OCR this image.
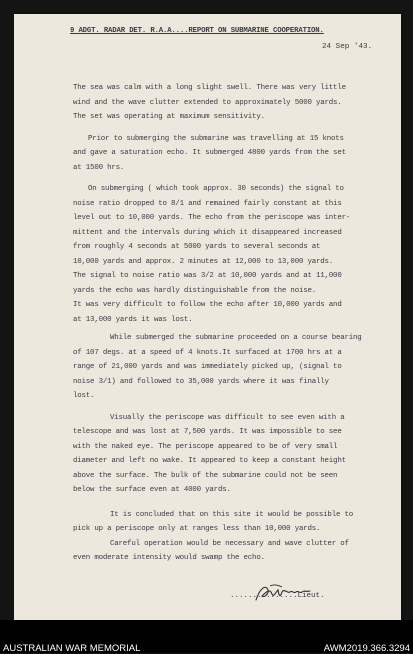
9 ADGT. RADAR DET. R.A.A....REPORT ON SUBMARINE COOPERATION.
24 Sep '43.
The sea was calm with a long slight swell. There was very little
wind and the wave clutter extended to approximately 5000 yards.
The set was operating at maximum sensitivity.
Prior to submerging the submarine was travelling at 15 knots
and gave a saturation echo. It submerged 4800 yards from the set
at 1500 hrs.
On submerging ( which took approx. 30 seconds) the signal to
noise ratio dropped to 8/1 and remained fairly constant at this
level out to 10,000 yards. The echo from the periscope was inter-
mittent and the intervals during which it disappeared increased
from roughly 4 seconds at 5000 yards to several seconds at
10,000 yards and approx. 2 minutes at 12,000 to 13,000 yards.
The signal to noise ratio was 3/2 at 10,000 yards and at 11,000
yards the echo was hardly distinguishable from the noise.
It was very difficult to follow the echo after 10,000 yards and
at 13,000 yards it was lost.
While submerged the submarine proceeded on a course bearing
of 107 degs. at a speed of 4 knots.It surfaced at 1700 hrs at a
range of 21,000 yards and was immediately picked up, (signal to
noise 3/1) and followed to 35,000 yards where it was finally
lost.
Visually the periscope was difficult to see even with a
telescope and was lost at 7,500 yards. It was impossible to see
with the naked eye. The periscope appeared to be of very small
diameter and left no wake. It appeared to keep a constant height
above the surface. The bulk of the submarine could not be seen
below the surface even at 4000 yards.
It is concluded that on this site it would be possible to
pick up a periscope only at ranges less than 10,000 yards.
Careful operation would be necessary and wave clutter of
even moderate intensity would swamp the echo.
...............Lieut.
AUSTRALIAN WAR MEMORIAL	AWM2019.366.3294
